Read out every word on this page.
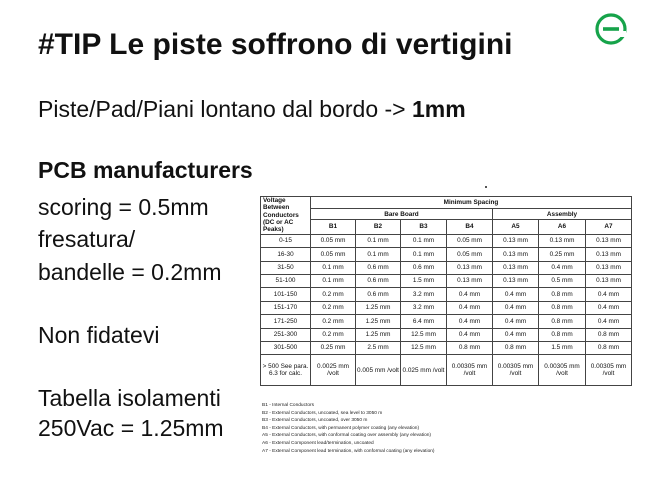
#TIP Le piste soffrono di vertigini
Piste/Pad/Piani lontano dal bordo -> 1mm
PCB manufacturers
scoring = 0.5mm
fresatura/
bandelle = 0.2mm
Non fidatevi
Tabella isolamenti
250Vac = 1.25mm
Voltage Between Conductors (DC or AC Peaks)	Minimum Spacing						
	Bare Board				Assembly		
	B1	B2	B3	B4	A5	A6	A7
0-15	0.05 mm	0.1 mm	0.1 mm	0.05 mm	0.13 mm	0.13 mm	0.13 mm
16-30	0.05 mm	0.1 mm	0.1 mm	0.05 mm	0.13 mm	0.25 mm	0.13 mm
31-50	0.1 mm	0.6 mm	0.6 mm	0.13 mm	0.13 mm	0.4 mm	0.13 mm
51-100	0.1 mm	0.6 mm	1.5 mm	0.13 mm	0.13 mm	0.5 mm	0.13 mm
101-150	0.2 mm	0.6 mm	3.2 mm	0.4 mm	0.4 mm	0.8 mm	0.4 mm
151-170	0.2 mm	1.25 mm	3.2 mm	0.4 mm	0.4 mm	0.8 mm	0.4 mm
171-250	0.2 mm	1.25 mm	6.4 mm	0.4 mm	0.4 mm	0.8 mm	0.4 mm
251-300	0.2 mm	1.25 mm	12.5 mm	0.4 mm	0.4 mm	0.8 mm	0.8 mm
301-500	0.25 mm	2.5 mm	12.5 mm	0.8 mm	0.8 mm	1.5 mm	0.8 mm
> 500 See para. 6.3 for calc.	0.0025 mm /volt	0.005 mm /volt	0.025 mm /volt	0.00305 mm /volt	0.00305 mm /volt	0.00305 mm /volt	0.00305 mm /volt
B1 - Internal Conductors
B2 - External Conductors, uncoated, sea level to 3050 m
B3 - External Conductors, uncoated, over 3050 m
B4 - External Conductors, with permanent polymer coating (any elevation)
A5 - External Conductors, with conformal coating over assembly (any elevation)
A6 - External Component lead/termination, uncoated
A7 - External Component lead termination, with conformal coating (any elevation)
